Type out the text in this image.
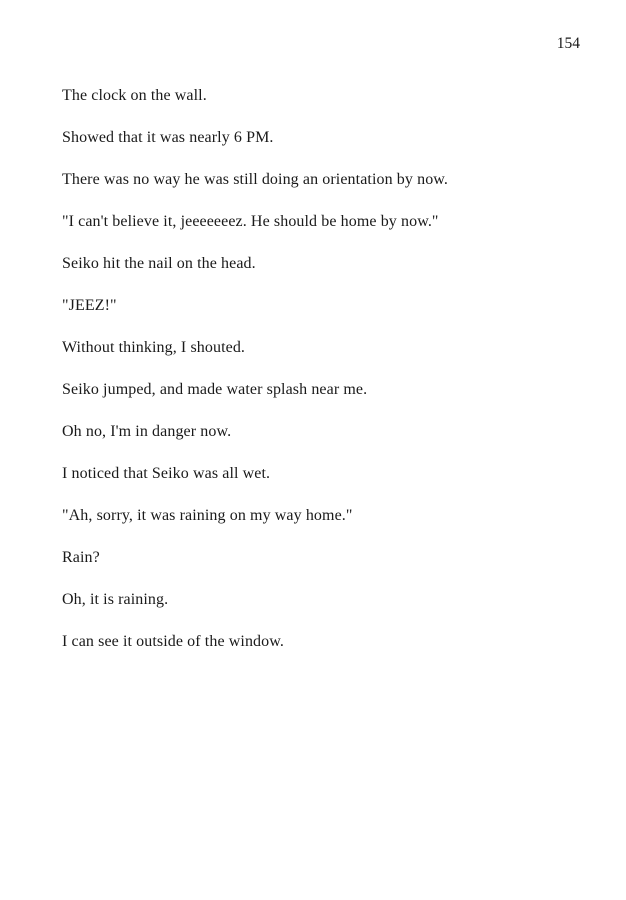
154

The clock on the wall.

Showed that it was nearly 6 PM.

There was no way he was still doing an orientation by now.

"I can't believe it, jeeeeeeez. He should be home by now."

Seiko hit the nail on the head.

"JEEZ!"

Without thinking, I shouted.

Seiko jumped, and made water splash near me.

Oh no, I'm in danger now.

I noticed that Seiko was all wet.

"Ah, sorry, it was raining on my way home."

Rain?

Oh, it is raining.

I can see it outside of the window.
